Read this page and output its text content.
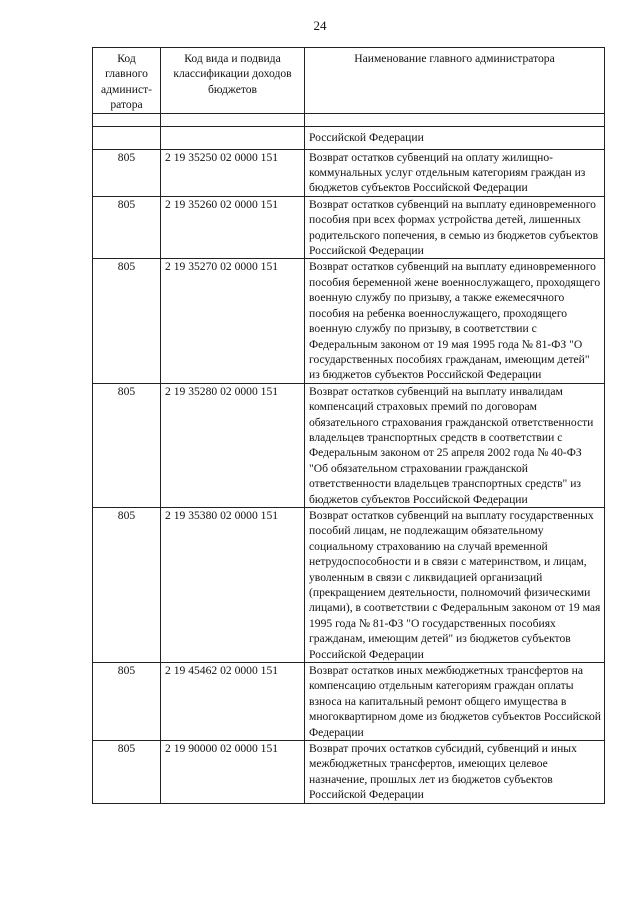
24
Код главного админист-ратора	Код вида и подвида классификации доходов бюджетов	Наименование главного администратора

		Российской Федерации
805	2 19 35250 02 0000 151	Возврат остатков субвенций на оплату жилищно-коммунальных услуг отдельным категориям граждан из бюджетов субъектов Российской Федерации
805	2 19 35260 02 0000 151	Возврат остатков субвенций на выплату единовременного пособия при всех формах устройства детей, лишенных родительского попечения, в семью из бюджетов субъектов Российской Федерации
805	2 19 35270 02 0000 151	Возврат остатков субвенций на выплату единовременного пособия беременной жене военнослужащего, проходящего военную службу по призыву, а также ежемесячного пособия на ребенка военнослужащего, проходящего военную службу по призыву, в соответствии с Федеральным законом от 19 мая 1995 года № 81-ФЗ "О государственных пособиях гражданам, имеющим детей" из бюджетов субъектов Российской Федерации
805	2 19 35280 02 0000 151	Возврат остатков субвенций на выплату инвалидам компенсаций страховых премий по договорам обязательного страхования гражданской ответственности владельцев транспортных средств в соответствии с Федеральным законом от 25 апреля 2002 года № 40-ФЗ "Об обязательном страховании гражданской ответственности владельцев транспортных средств" из бюджетов субъектов Российской Федерации
805	2 19 35380 02 0000 151	Возврат остатков субвенций на выплату государственных пособий лицам, не подлежащим обязательному социальному страхованию на случай временной нетрудоспособности и в связи с материнством, и лицам, уволенным в связи с ликвидацией организаций (прекращением деятельности, полномочий физическими лицами), в соответствии с Федеральным законом от 19 мая 1995 года № 81-ФЗ "О государственных пособиях гражданам, имеющим детей" из бюджетов субъектов Российской Федерации
805	2 19 45462 02 0000 151	Возврат остатков иных межбюджетных трансфертов на компенсацию отдельным категориям граждан оплаты взноса на капитальный ремонт общего имущества в многоквартирном доме из бюджетов субъектов Российской Федерации
805	2 19 90000 02 0000 151	Возврат прочих остатков субсидий, субвенций и иных межбюджетных трансфертов, имеющих целевое назначение, прошлых лет из бюджетов субъектов Российской Федерации
